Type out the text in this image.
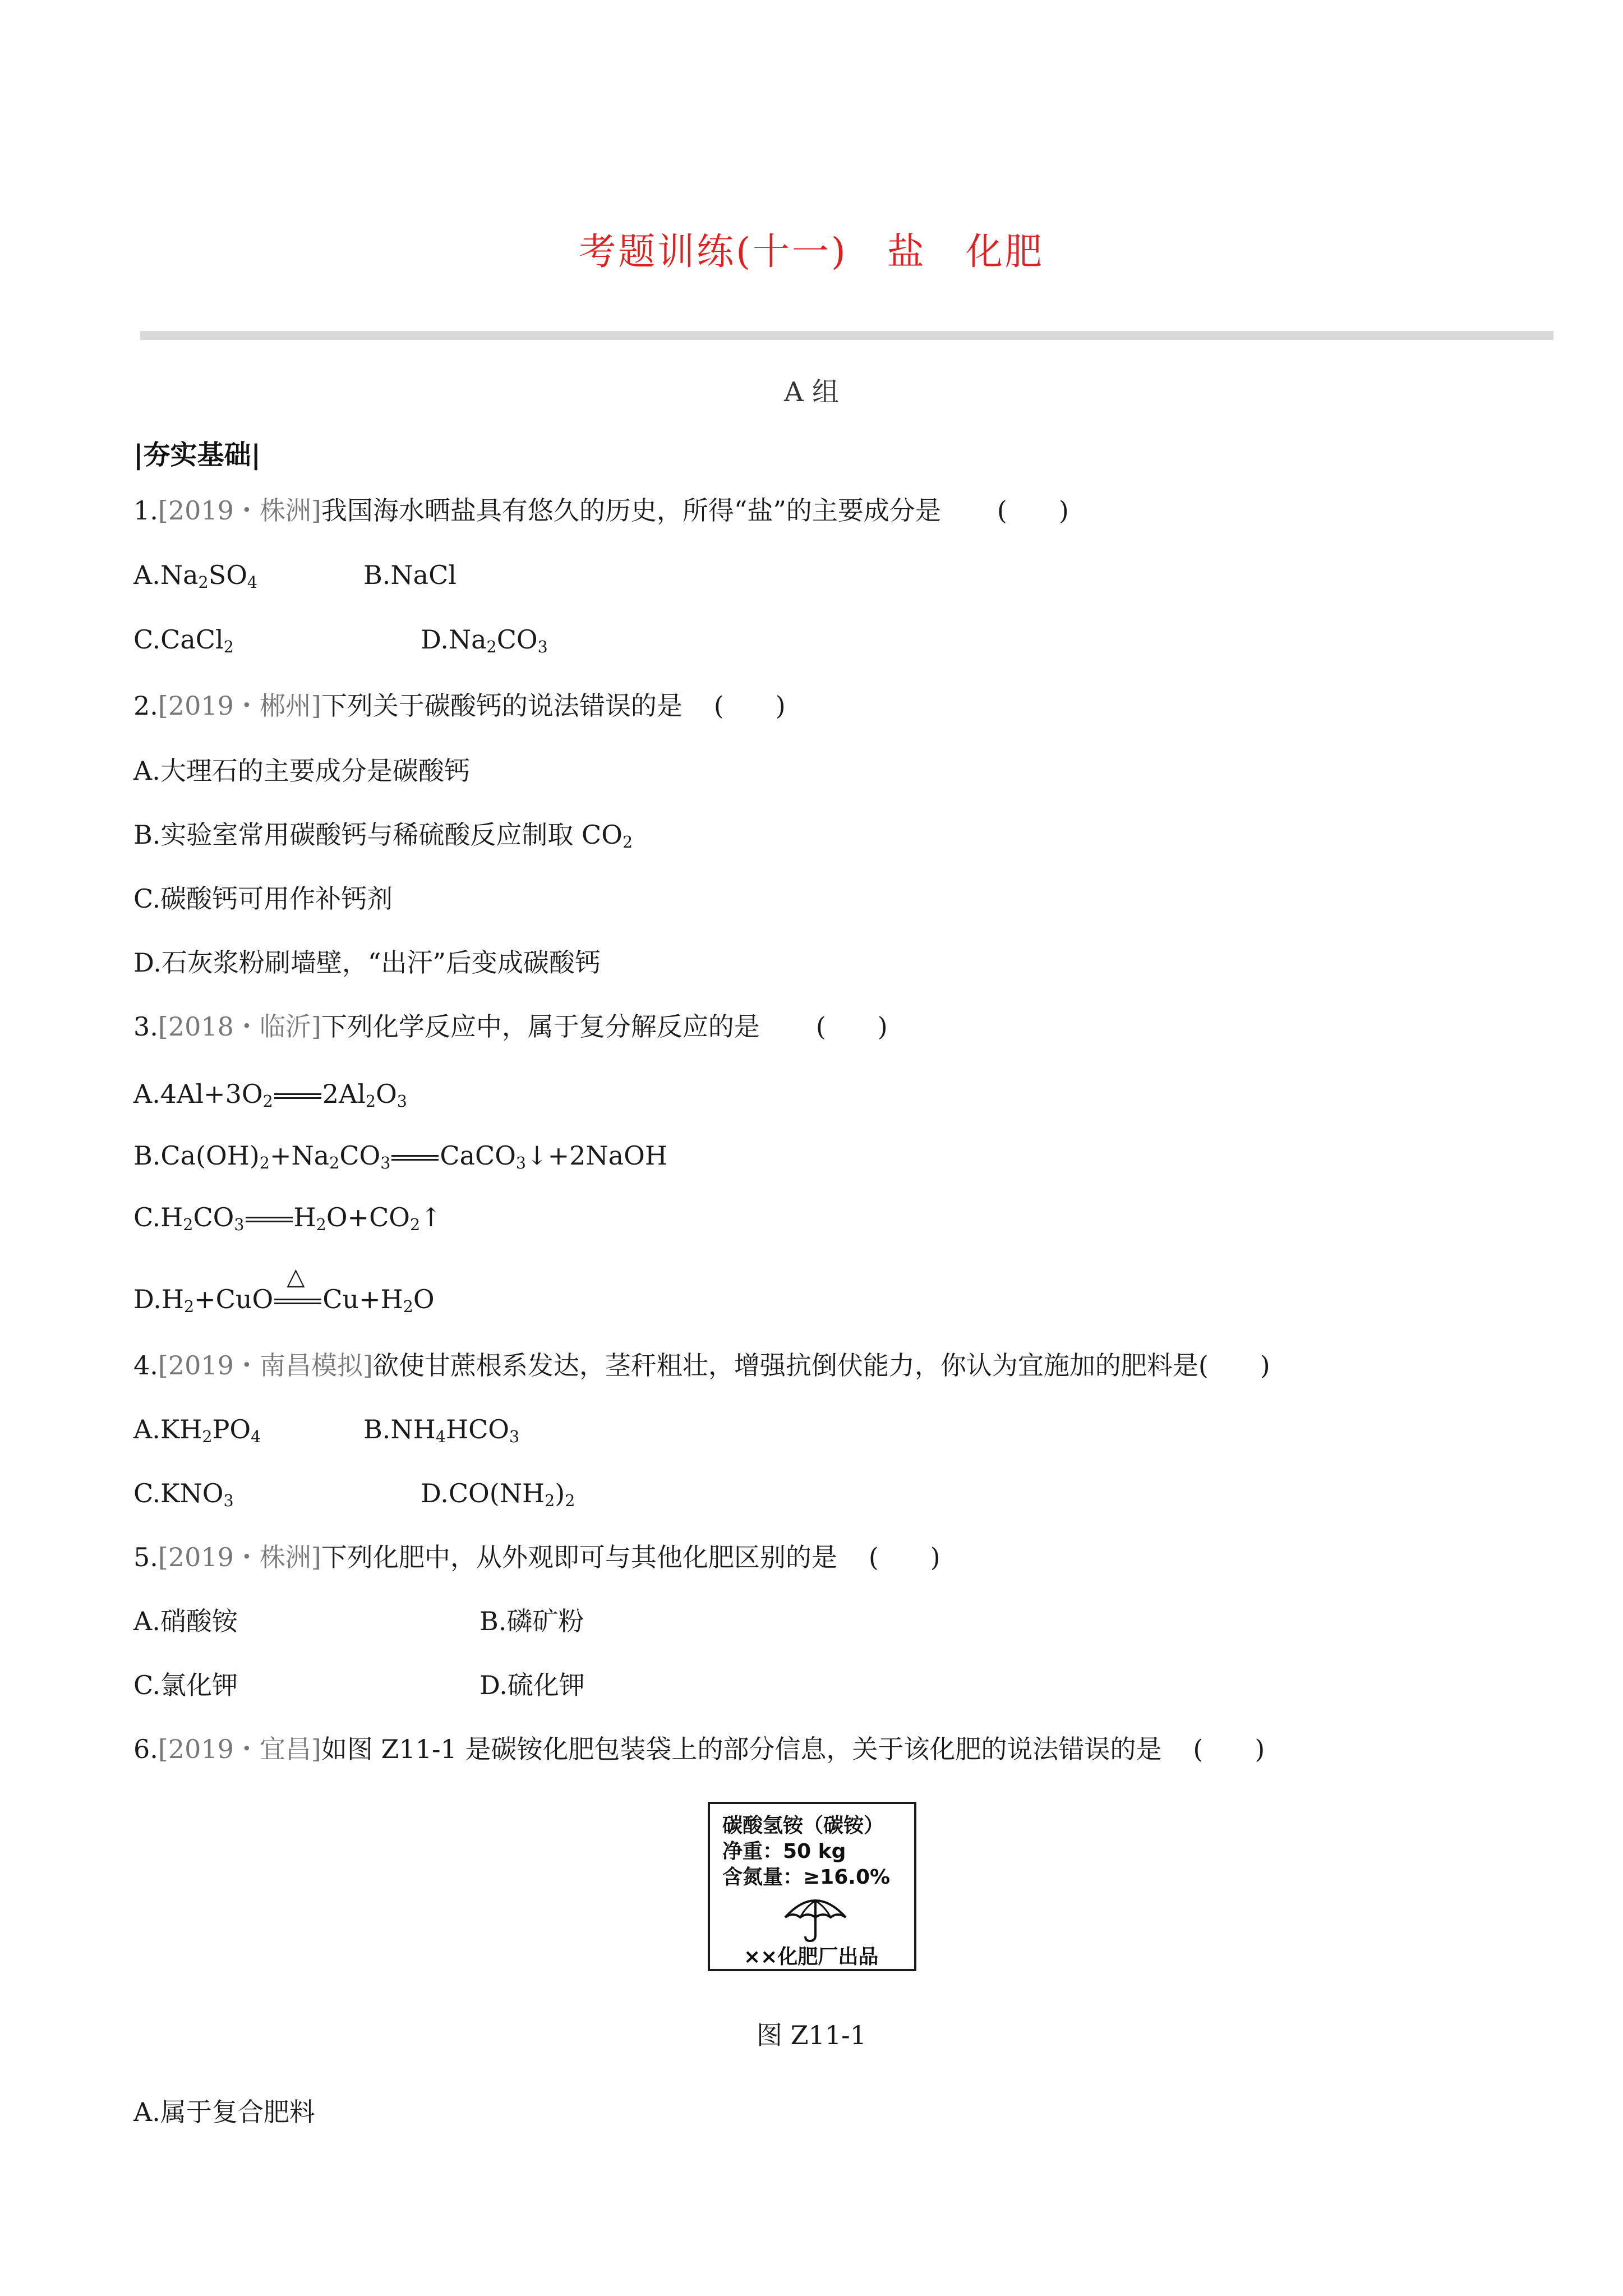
考题训练(十一)　盐　化肥
A 组
|夯实基础|
1.[2019・株洲]我国海水晒盐具有悠久的历史，所得“盐”的主要成分是 (　　)
$A.Na_2SO_4$	B.NaCl
C.CaCl$_2$	$D.Na_2CO_3$
2.[2019・郴州]下列关于碳酸钙的说法错误的是 (　　)
A.大理石的主要成分是碳酸钙
B.实验室常用碳酸钙与稀硫酸反应制取 $CO_2$
C.碳酸钙可用作补钙剂
D.石灰浆粉刷墙壁，“出汗”后变成碳酸钙
3.[2018・临沂]下列化学反应中，属于复分解反应的是 (　　)
$A.4Al+3O_2$ $2Al_2O_3$
$B.Ca(OH)_2+Na_2CO_3$ CaCO$_3$↓+2NaOH
$C.H_2CO_3$ $H_2O+CO_2↑$
$D.H_2+CuO$
△
$Cu+H_2O$
4.[2019・南昌模拟]欲使甘蔗根系发达，茎秆粗壮，增强抗倒伏能力，你认为宜施加的肥料是(　　)
$A.KH_2PO_4$	$B.NH_4HCO_3$
$C.KNO_3$	$D.CO(NH_2)_2$
5.[2019・株洲]下列化肥中，从外观即可与其他化肥区别的是 (　　)
A.硝酸铵	B.磷矿粉
C.氯化钾	D.硫化钾
6.[2019・宜昌]如图 Z11-1 是碳铵化肥包装袋上的部分信息，关于该化肥的说法错误的是 (　　)
碳酸氢铵（碳铵）
净重：50 kg
含氮量：≥16.0%
××化肥厂出品
图 Z11-1
A.属于复合肥料
